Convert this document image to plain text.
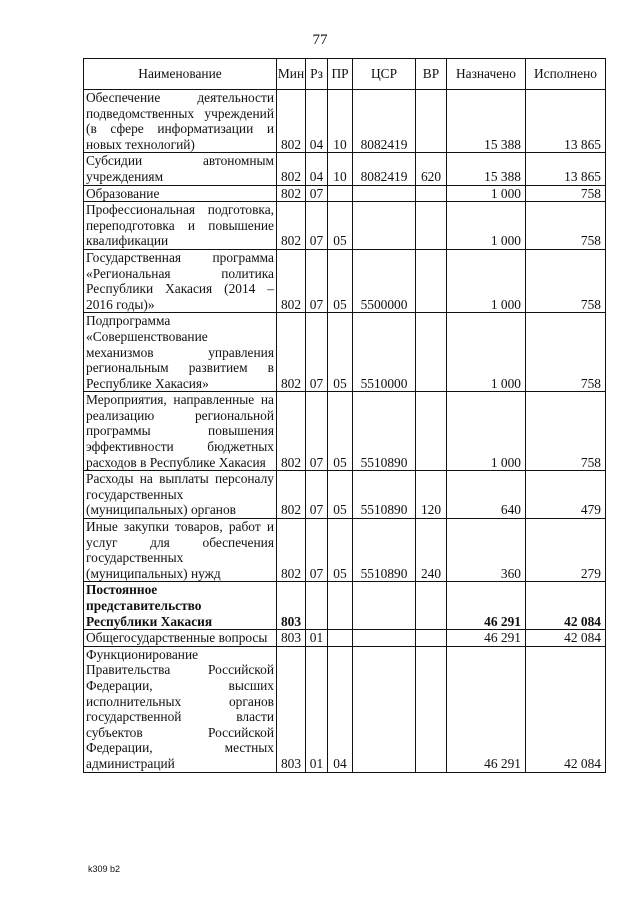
77
Наименование	Мин	Рз	ПР	ЦСР	ВР	Назначено	Исполнено
Обеспечение деятельности подведомственных учреждений (в сфере информатизации и новых технологий)	802	04	10	8082419		15 388	13 865
Субсидии автономным учреждениям	802	04	10	8082419	620	15 388	13 865
Образование	802	07				1 000	758
Профессиональная подготовка, переподготовка и повышение квалификации	802	07	05			1 000	758
Государственная программа «Региональная политика Республики Хакасия (2014 – 2016 годы)»	802	07	05	5500000		1 000	758
Подпрограмма «Совершенствование механизмов управления региональным развитием в Республике Хакасия»	802	07	05	5510000		1 000	758
Мероприятия, направленные на реализацию региональной программы повышения эффективности бюджетных расходов в Республике Хакасия	802	07	05	5510890		1 000	758
Расходы на выплаты персоналу государственных (муниципальных) органов	802	07	05	5510890	120	640	479
Иные закупки товаров, работ и услуг для обеспечения государственных (муниципальных) нужд	802	07	05	5510890	240	360	279
Постоянное представительство Республики Хакасия	803					46 291	42 084
Общегосударственные вопросы	803	01				46 291	42 084
Функционирование Правительства Российской Федерации, высших исполнительных органов государственной власти субъектов Российской Федерации, местных администраций	803	01	04			46 291	42 084
k309 b2
